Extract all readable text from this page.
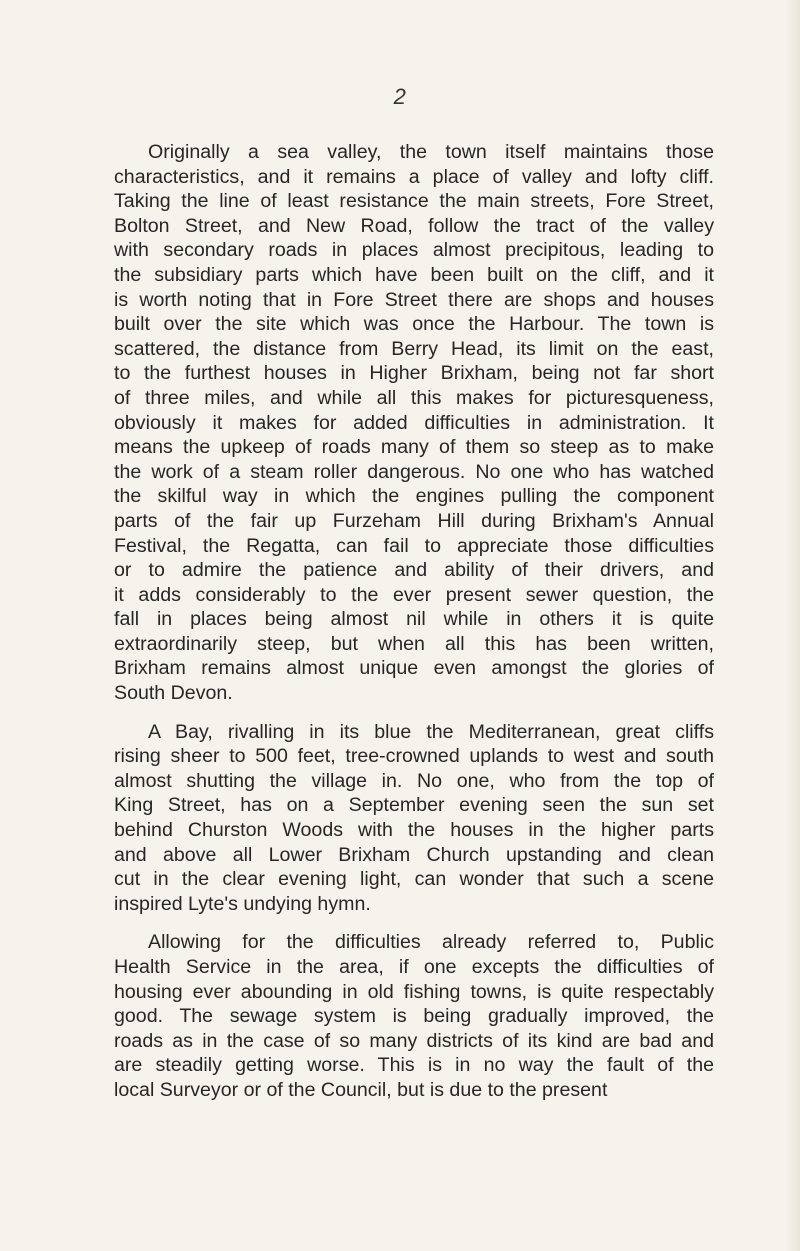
2
Originally a sea valley, the town itself maintains those
characteristics, and it remains a place of valley and lofty cliff.
Taking the line of least resistance the main streets, Fore Street,
Bolton Street, and New Road, follow the tract of the valley
with secondary roads in places almost precipitous, leading to
the subsidiary parts which have been built on the cliff, and it
is worth noting that in Fore Street there are shops and houses
built over the site which was once the Harbour. The town is
scattered, the distance from Berry Head, its limit on the east,
to the furthest houses in Higher Brixham, being not far short
of three miles, and while all this makes for picturesqueness,
obviously it makes for added difficulties in administration. It
means the upkeep of roads many of them so steep as to make
the work of a steam roller dangerous. No one who has watched
the skilful way in which the engines pulling the component
parts of the fair up Furzeham Hill during Brixham's Annual
Festival, the Regatta, can fail to appreciate those difficulties
or to admire the patience and ability of their drivers, and
it adds considerably to the ever present sewer question, the
fall in places being almost nil while in others it is quite
extraordinarily steep, but when all this has been written,
Brixham remains almost unique even amongst the glories of
South Devon.
A Bay, rivalling in its blue the Mediterranean, great cliffs
rising sheer to 500 feet, tree-crowned uplands to west and south
almost shutting the village in. No one, who from the top of
King Street, has on a September evening seen the sun set
behind Churston Woods with the houses in the higher parts
and above all Lower Brixham Church upstanding and clean
cut in the clear evening light, can wonder that such a scene
inspired Lyte's undying hymn.
Allowing for the difficulties already referred to, Public
Health Service in the area, if one excepts the difficulties of
housing ever abounding in old fishing towns, is quite respectably
good. The sewage system is being gradually improved, the
roads as in the case of so many districts of its kind are bad and
are steadily getting worse. This is in no way the fault of the
local Surveyor or of the Council, but is due to the present
